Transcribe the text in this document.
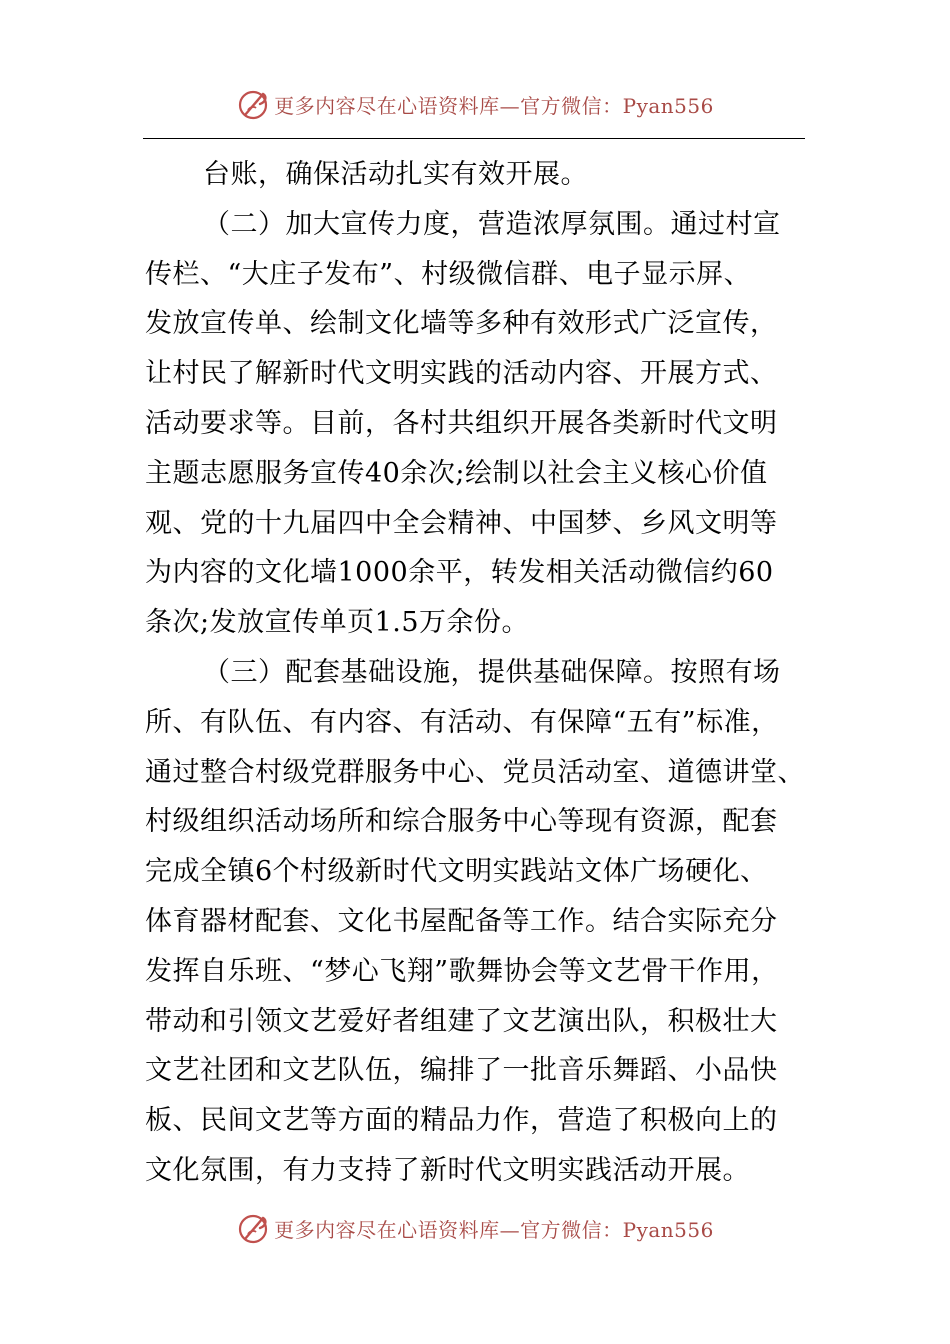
更多内容尽在心语资料库—官方微信：Pyan556
台账，确保活动扎实有效开展。
（二）加大宣传力度，营造浓厚氛围。通过村宣
传栏、“大庄子发布”、村级微信群、电子显示屏、
发放宣传单、绘制文化墙等多种有效形式广泛宣传，
让村民了解新时代文明实践的活动内容、开展方式、
活动要求等。目前，各村共组织开展各类新时代文明
主题志愿服务宣传40余次;绘制以社会主义核心价值
观、党的十九届四中全会精神、中国梦、乡风文明等
为内容的文化墙1000余平，转发相关活动微信约60
条次;发放宣传单页1.5万余份。
（三）配套基础设施，提供基础保障。按照有场
所、有队伍、有内容、有活动、有保障“五有”标准，
通过整合村级党群服务中心、党员活动室、道德讲堂、
村级组织活动场所和综合服务中心等现有资源，配套
完成全镇6个村级新时代文明实践站文体广场硬化、
体育器材配套、文化书屋配备等工作。结合实际充分
发挥自乐班、“梦心飞翔”歌舞协会等文艺骨干作用，
带动和引领文艺爱好者组建了文艺演出队，积极壮大
文艺社团和文艺队伍，编排了一批音乐舞蹈、小品快
板、民间文艺等方面的精品力作，营造了积极向上的
文化氛围，有力支持了新时代文明实践活动开展。
更多内容尽在心语资料库—官方微信：Pyan556
